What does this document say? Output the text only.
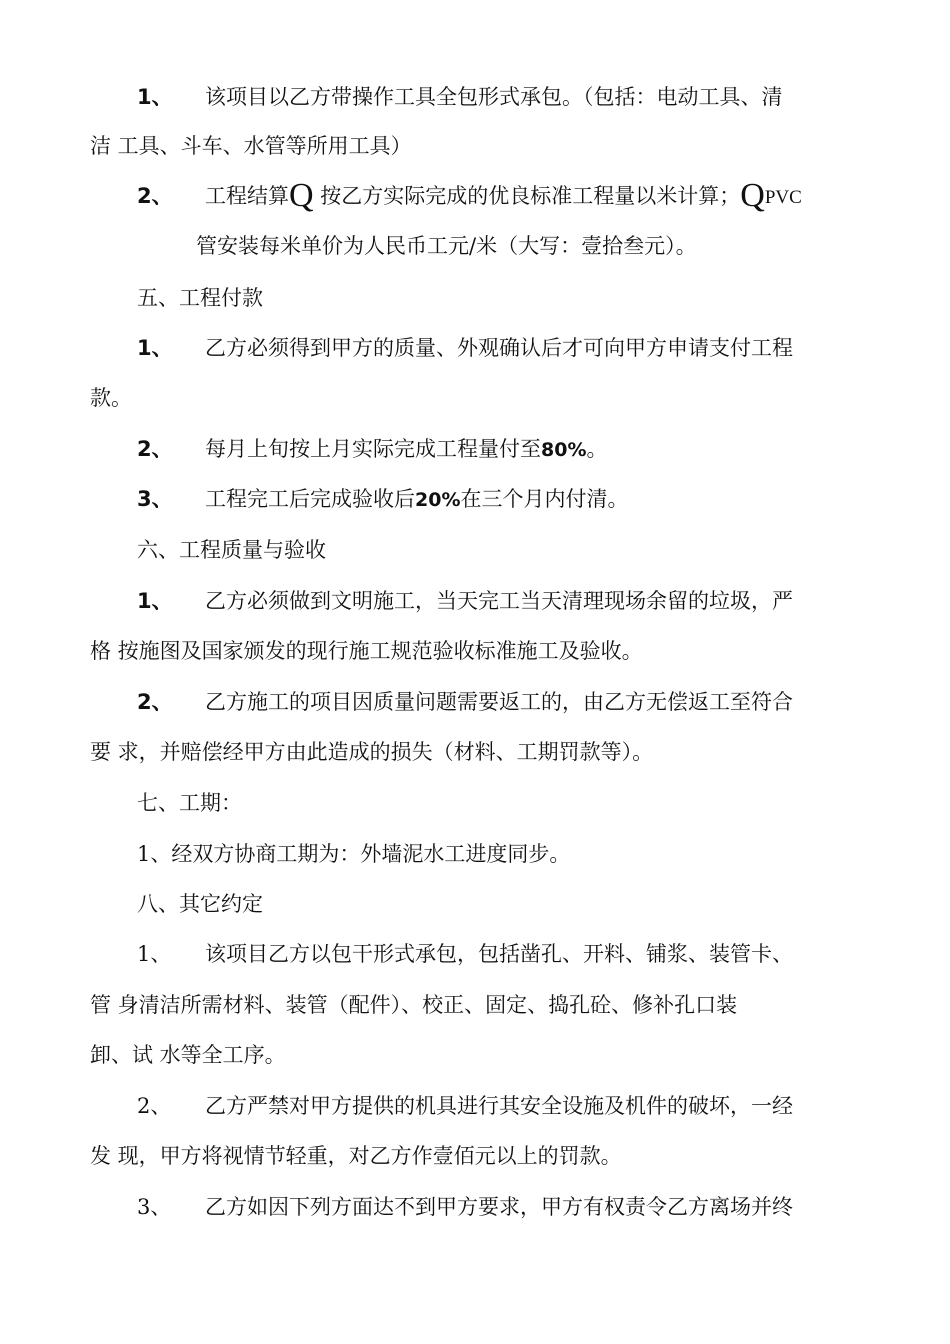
1、 该项目以乙方带操作工具全包形式承包。（包括：电动工具、清
洁 工具、斗车、水管等所用工具）
2、 工程结算Q 按乙方实际完成的优良标准工程量以米计算；QPVC
管安装每米单价为人民币工元/米（大写：壹拾叁元）。
五、工程付款
1、 乙方必须得到甲方的质量、外观确认后才可向甲方申请支付工程
款。
2、 每月上旬按上月实际完成工程量付至80%。
3、 工程完工后完成验收后20%在三个月内付清。
六、工程质量与验收
1、 乙方必须做到文明施工，当天完工当天清理现场余留的垃圾，严
格 按施图及国家颁发的现行施工规范验收标准施工及验收。
2、 乙方施工的项目因质量问题需要返工的，由乙方无偿返工至符合
要 求，并赔偿经甲方由此造成的损失（材料、工期罚款等）。
七、工期：
1、经双方协商工期为：外墙泥水工进度同步。
八、其它约定
1、 该项目乙方以包干形式承包，包括凿孔、开料、铺浆、装管卡、
管 身清洁所需材料、装管（配件）、校正、固定、捣孔砼、修补孔口装
卸、试 水等全工序。
2、 乙方严禁对甲方提供的机具进行其安全设施及机件的破坏，一经
发 现，甲方将视情节轻重，对乙方作壹佰元以上的罚款。
3、 乙方如因下列方面达不到甲方要求，甲方有权责令乙方离场并终
